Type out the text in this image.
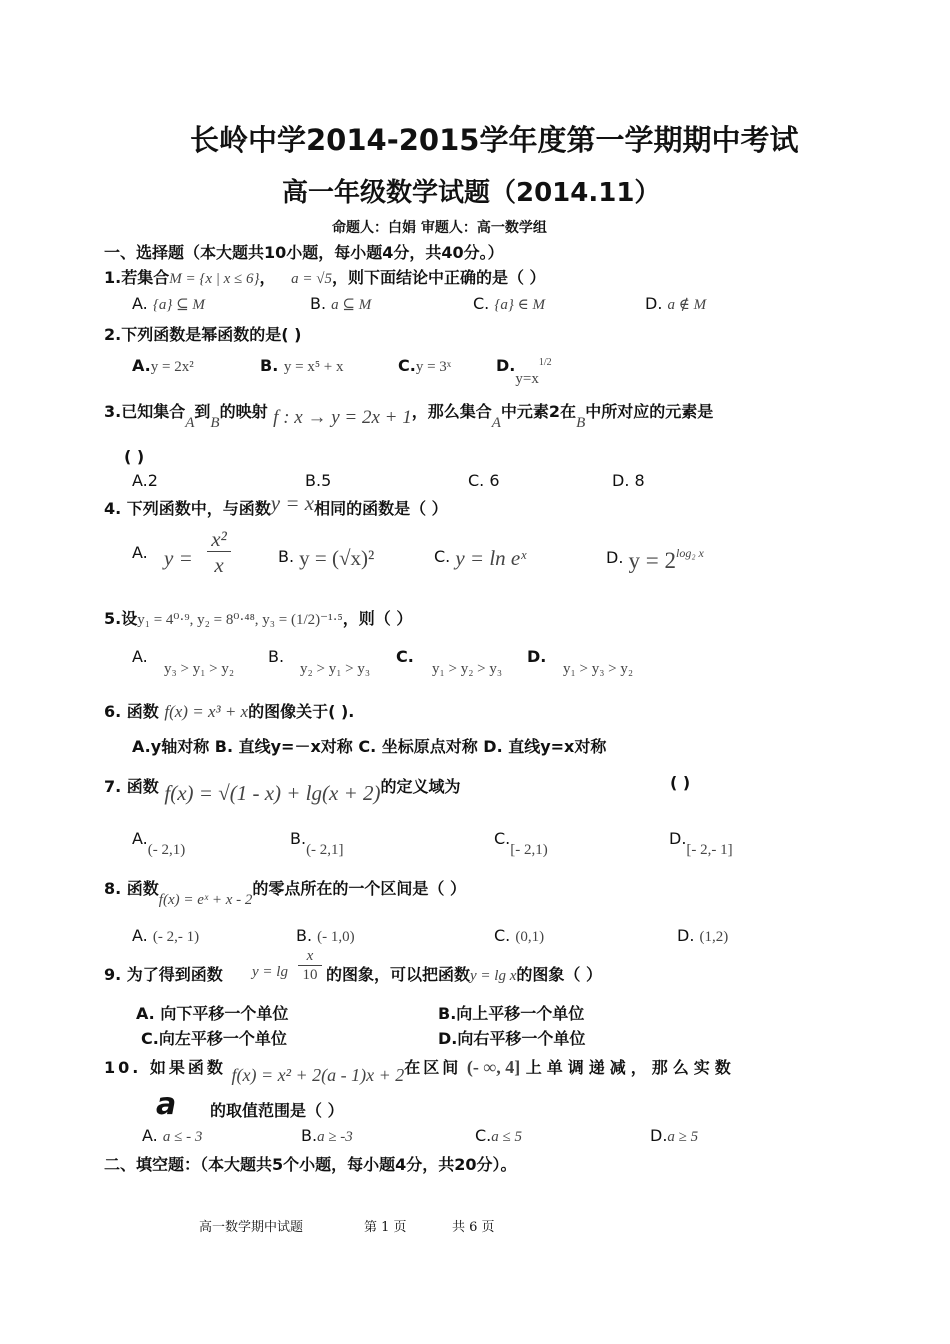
长岭中学2014-2015学年度第一学期期中考试
高一年级数学试题（2014.11）
命题人：白娟 审题人：高一数学组
一、选择题（本大题共10小题，每小题4分，共40分。）
1.若集合M = {x | x ≤ 6}， a = √5，则下面结论中正确的是（ ）
A. {a} ⊆ M	B. a ⊆ M	C. {a} ∈ M	D. a ∉ M
2.下列函数是幂函数的是( )
A.y = 2x²	B. y = x⁵ + x	C.y = 3ˣ	$D.y=x^{1/2}$
3.已知集合A到B的映射 f : x → y = 2x + 1，那么集合A中元素2在B中所对应的元素是
( )
A.2	B.5	C. 6	D. 8
4. 下列函数中，与函数y = x相同的函数是（ ）
A. y =
x²
x	B. y = (√x)²	C. y = ln eˣ	D. $y = 2^{log_2 x}$
5.设y₁ = 4⁰·⁹, y₂ = 8⁰·⁴⁸, y₃ = (1/2)⁻¹·⁵，则（ ）
A.
y₃ > y₁ > y₂
B.
y₂ > y₁ > y₃
C.
y₁ > y₂ > y₃
D.
y₁ > y₃ > y₂
6. 函数 f(x) = x³ + x的图像关于( ).
A.y轴对称 B. 直线y=－x对称 C. 坐标原点对称 D. 直线y=x对称
7. 函数 f(x) = √(1 - x) + lg(x + 2)的定义域为	( )
A.(- 2,1)
B.(- 2,1]
C.[- 2,1)
D.[- 2,- 1]
8. 函数f(x) = eˣ + x - 2的零点所在的一个区间是（ ）
A. (- 2,- 1)	B. (- 1,0)	C. (0,1)	D. (1,2)
9. 为了得到函数 y = lg
x
10 的图象，可以把函数y = lg x的图象（ ）
A. 向下平移一个单位	B.向上平移一个单位
C.向左平移一个单位	D.向右平移一个单位
10. 如果函数 f(x) = x² + 2(a - 1)x + 2在区间 (- ∞, 4] 上单调递减，那么实数
a 的取值范围是（ ）
A. a ≤ - 3	B.a ≥ -3	C.a ≤ 5	D.a ≥ 5
二、填空题：（本大题共5个小题，每小题4分，共20分）。
高一数学期中试题	第 1 页	共 6 页
